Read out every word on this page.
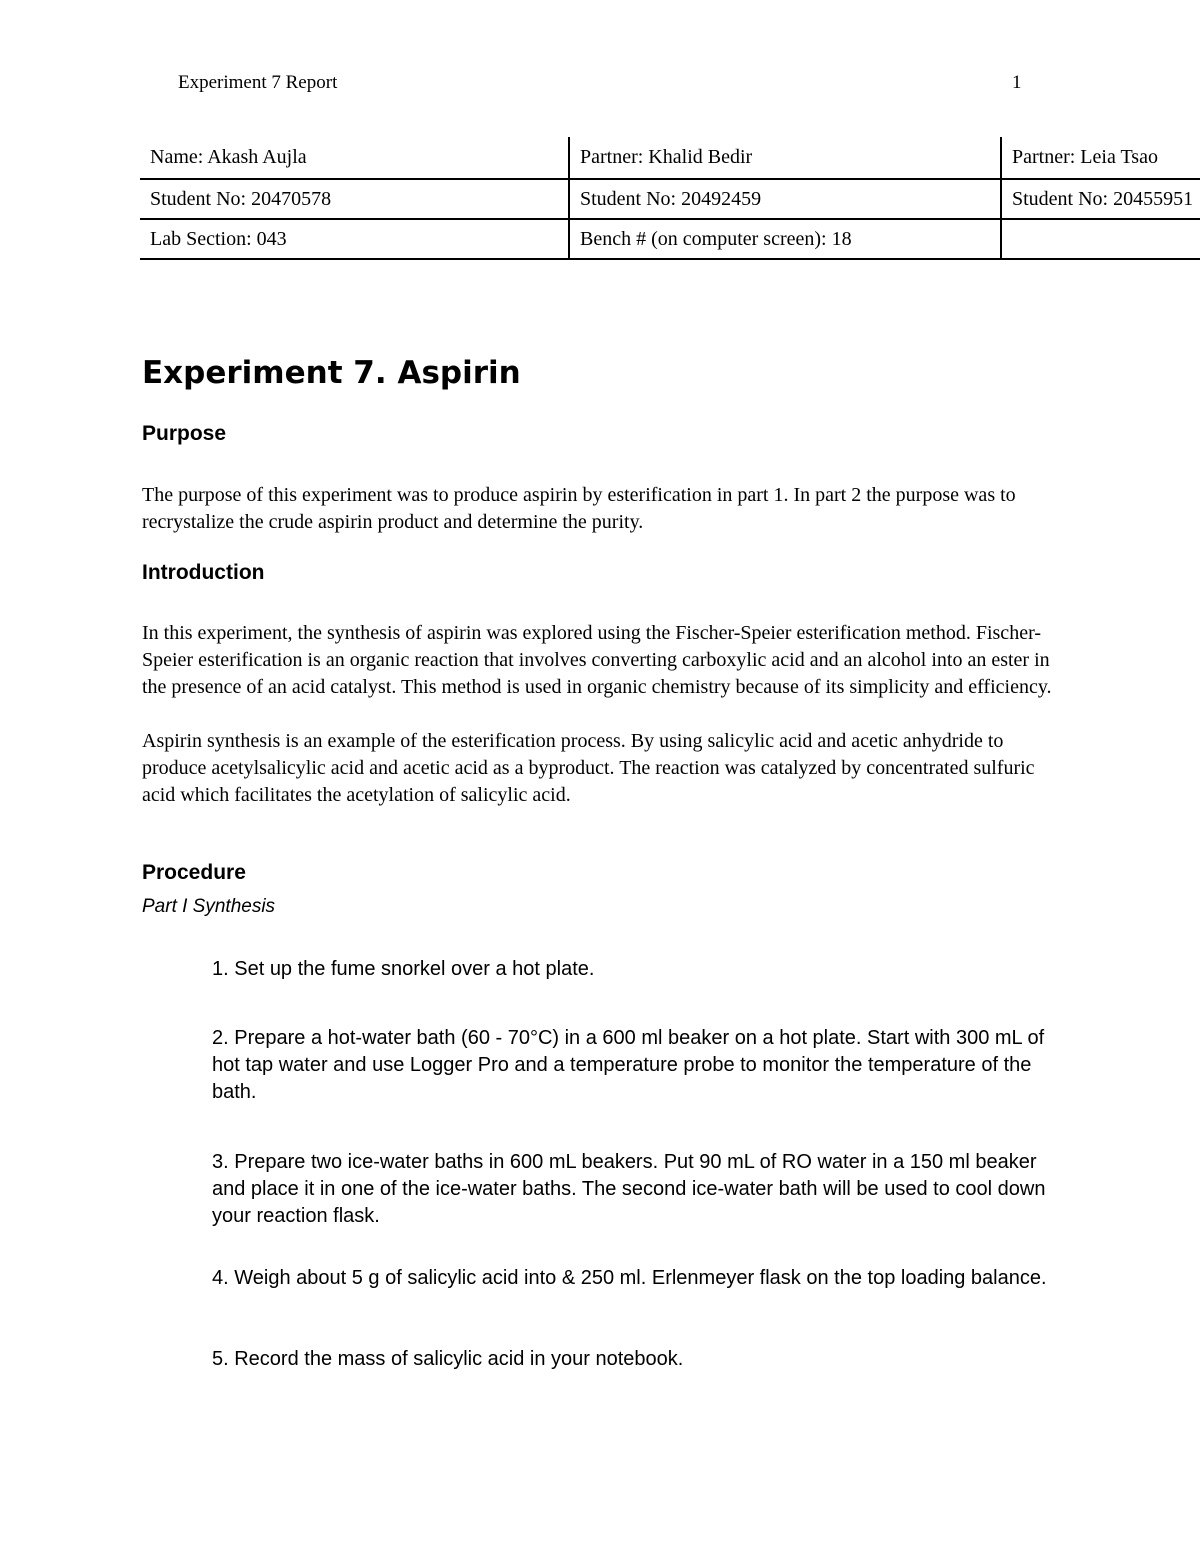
Experiment 7 Report	1
Name: Akash Aujla	Partner: Khalid Bedir	Partner: Leia Tsao
Student No: 20470578	Student No: 20492459	Student No: 20455951
Lab Section: 043	Bench # (on computer screen): 18	
Experiment 7. Aspirin
Purpose

The purpose of this experiment was to produce aspirin by esterification in part 1. In part 2 the purpose was to recrystalize the crude aspirin product and determine the purity.

Introduction

In this experiment, the synthesis of aspirin was explored using the Fischer-Speier esterification method. Fischer-Speier esterification is an organic reaction that involves converting carboxylic acid and an alcohol into an ester in the presence of an acid catalyst. This method is used in organic chemistry because of its simplicity and efficiency.

Aspirin synthesis is an example of the esterification process. By using salicylic acid and acetic anhydride to produce acetylsalicylic acid and acetic acid as a byproduct. The reaction was catalyzed by concentrated sulfuric acid which facilitates the acetylation of salicylic acid.

Procedure
Part I Synthesis

1. Set up the fume snorkel over a hot plate.

2. Prepare a hot-water bath (60 - 70°C) in a 600 ml beaker on a hot plate. Start with 300 mL of hot tap water and use Logger Pro and a temperature probe to monitor the temperature of the bath.

3. Prepare two ice-water baths in 600 mL beakers. Put 90 mL of RO water in a 150 ml beaker and place it in one of the ice-water baths. The second ice-water bath will be used to cool down your reaction flask.

4. Weigh about 5 g of salicylic acid into & 250 ml. Erlenmeyer flask on the top loading balance.

5. Record the mass of salicylic acid in your notebook.
